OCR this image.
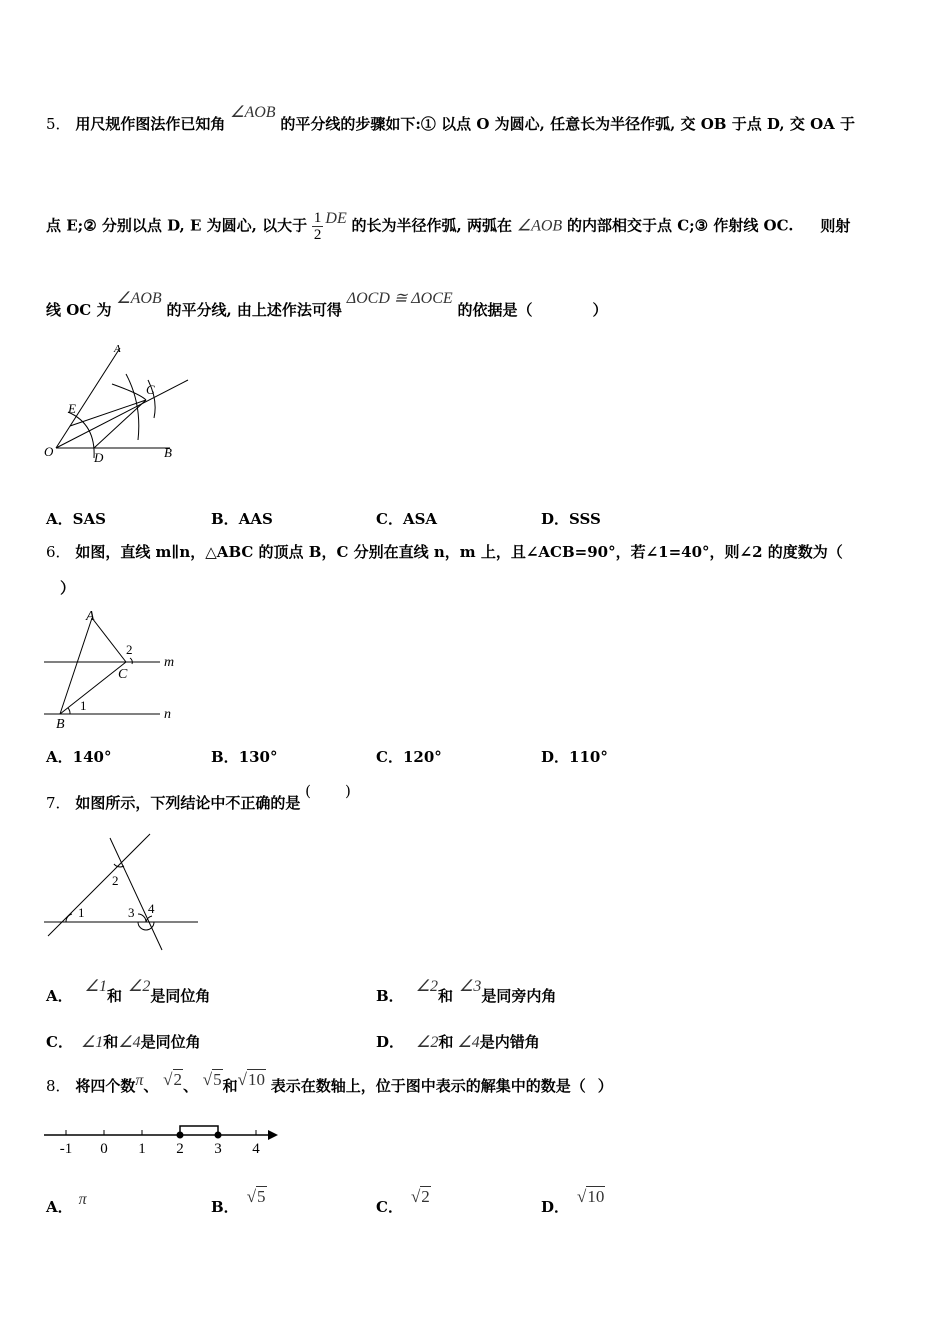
5． 用尺规作图法作已知角 ∠AOB 的平分线的步骤如下:① 以点 O 为圆心, 任意长为半径作弧, 交 OB 于点 D, 交 OA 于
点 E;② 分别以点 D, E 为圆心, 以大于 $\frac{1}{2}$ DE 的长为半径作弧, 两弧在 ∠AOB 的内部相交于点 C;③ 作射线 OC. 则射
线 OC 为 ∠AOB 的平分线, 由上述作法可得 ΔOCD ≅ ΔOCE 的依据是（	）
A
C
E
O	D	B
A．SAS	B．AAS	C．ASA	D．SSS
6． 如图，直线 m∥n，△ABC 的顶点 B，C 分别在直线 n，m 上，且∠ACB=90°，若∠1=40°，则∠2 的度数为（
）
A
2
m
C
1
B
n
A．140°	B．130°	C．120°	D．110°
7． 如图所示，下列结论中不正确的是 ( )
1
2
3 4
A．∠1和∠2是同位角	B．∠2和∠3是同旁内角
C． ∠1和∠4是同位角	D． ∠2和 ∠4是内错角
8． 将四个数π、 √2、 √5和√10 表示在数轴上，位于图中表示的解集中的数是（ ）
-1 0 1 2 3 4
A． π	B．√5
C．√2
D．√10
